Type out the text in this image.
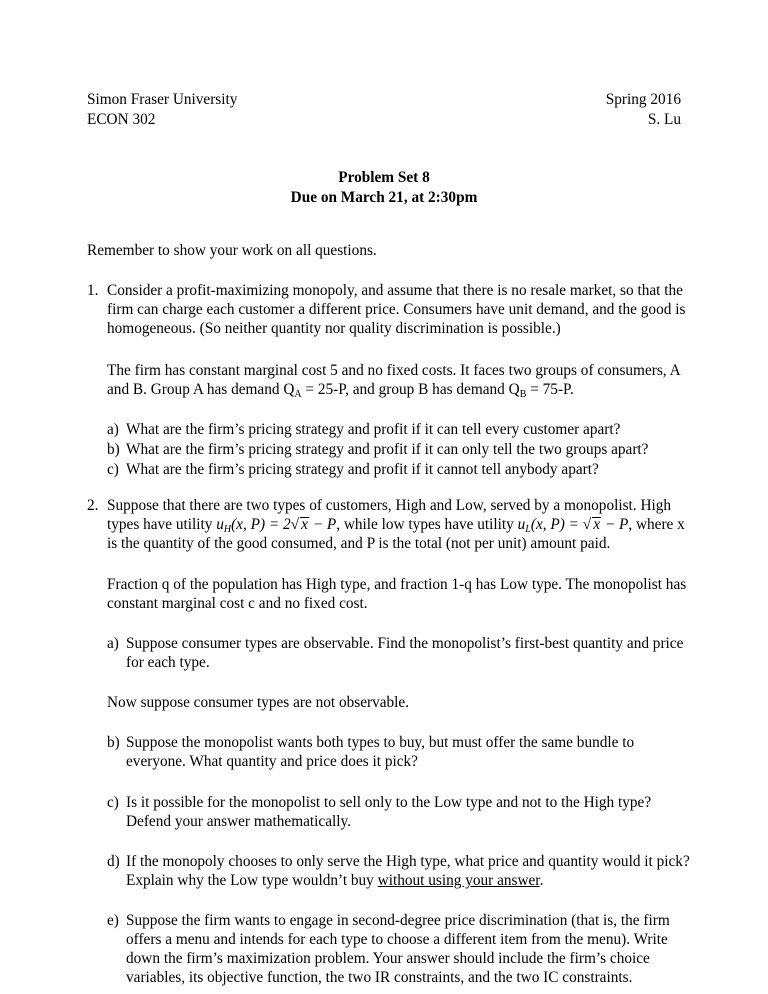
Simon Fraser University
ECON 302
Spring 2016
S. Lu
Problem Set 8
Due on March 21, at 2:30pm
Remember to show your work on all questions.
1. Consider a profit-maximizing monopoly, and assume that there is no resale market, so that the firm can charge each customer a different price. Consumers have unit demand, and the good is homogeneous. (So neither quantity nor quality discrimination is possible.)

The firm has constant marginal cost 5 and no fixed costs. It faces two groups of consumers, A and B. Group A has demand $Q_A = 25-P$, and group B has demand $Q_B = 75-P$.

a) What are the firm’s pricing strategy and profit if it can tell every customer apart?
b) What are the firm’s pricing strategy and profit if it can only tell the two groups apart?
c) What are the firm’s pricing strategy and profit if it cannot tell anybody apart?
2. Suppose that there are two types of customers, High and Low, served by a monopolist. High types have utility $u_H(x$, P) = 2√ x − P, while low types have utility $u_L(x$, P) = √ x − P, where x is the quantity of the good consumed, and P is the total (not per unit) amount paid.

Fraction q of the population has High type, and fraction 1-q has Low type. The monopolist has constant marginal cost c and no fixed cost.

a) Suppose consumer types are observable. Find the monopolist’s first-best quantity and price for each type.

Now suppose consumer types are not observable.

b) Suppose the monopolist wants both types to buy, but must offer the same bundle to everyone. What quantity and price does it pick?
c) Is it possible for the monopolist to sell only to the Low type and not to the High type? Defend your answer mathematically.
d) If the monopoly chooses to only serve the High type, what price and quantity would it pick? Explain why the Low type wouldn’t buy without using your answer.
e) Suppose the firm wants to engage in second-degree price discrimination (that is, the firm offers a menu and intends for each type to choose a different item from the menu). Write down the firm’s maximization problem. Your answer should include the firm’s choice variables, its objective function, the two IR constraints, and the two IC constraints.
